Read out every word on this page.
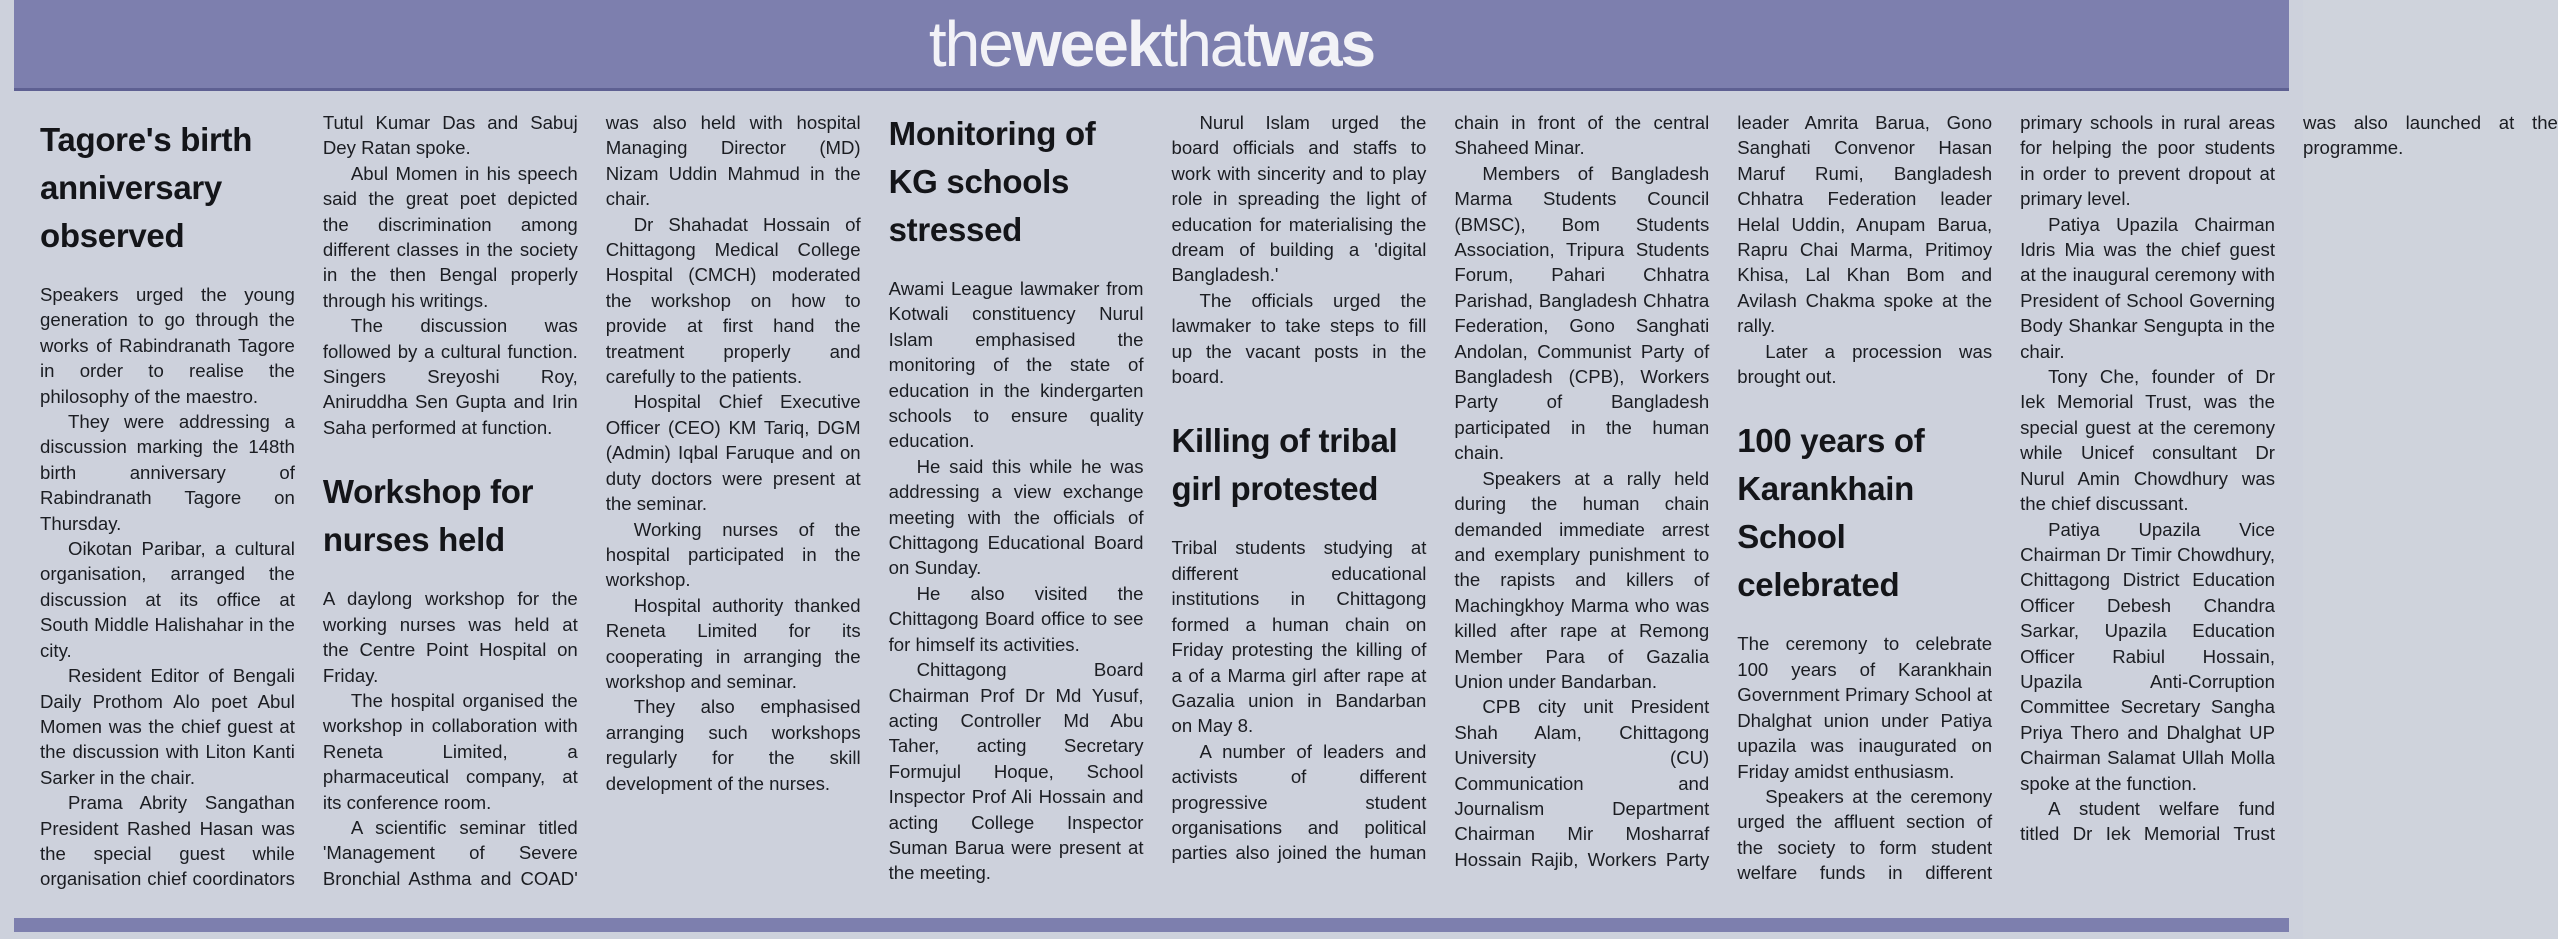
theweekthatwas
Tagore's birth anniversary observed

Speakers urged the young generation to go through the works of Rabindranath Tagore in order to realise the philosophy of the maestro.

They were addressing a discussion marking the 148th birth anniversary of Rabindranath Tagore on Thursday.

Oikotan Paribar, a cultural organisation, arranged the discussion at its office at South Middle Halishahar in the city.

Resident Editor of Bengali Daily Prothom Alo poet Abul Momen was the chief guest at the discussion with Liton Kanti Sarker in the chair.

Prama Abrity Sangathan President Rashed Hasan was the special guest while organisation chief coordinators Tutul Kumar Das and Sabuj Dey Ratan spoke.

Abul Momen in his speech said the great poet depicted the discrimination among different classes in the society in the then Bengal properly through his writings.

The discussion was followed by a cultural function. Singers Sreyoshi Roy, Aniruddha Sen Gupta and Irin Saha performed at function.

Workshop for nurses held

A daylong workshop for the working nurses was held at the Centre Point Hospital on Friday.

The hospital organised the workshop in collaboration with Reneta Limited, a pharmaceutical company, at its conference room.

A scientific seminar titled 'Management of Severe Bronchial Asthma and COAD' was also held with hospital Managing Director (MD) Nizam Uddin Mahmud in the chair.

Dr Shahadat Hossain of Chittagong Medical College Hospital (CMCH) moderated the workshop on how to provide at first hand the treatment properly and carefully to the patients.

Hospital Chief Executive Officer (CEO) KM Tariq, DGM (Admin) Iqbal Faruque and on duty doctors were present at the seminar.

Working nurses of the hospital participated in the workshop.

Hospital authority thanked Reneta Limited for its cooperating in arranging the workshop and seminar.

They also emphasised arranging such workshops regularly for the skill development of the nurses.

Monitoring of KG schools stressed

Awami League lawmaker from Kotwali constituency Nurul Islam emphasised the monitoring of the state of education in the kindergarten schools to ensure quality education.

He said this while he was addressing a view exchange meeting with the officials of Chittagong Educational Board on Sunday.

He also visited the Chittagong Board office to see for himself its activities.

Chittagong Board Chairman Prof Dr Md Yusuf, acting Controller Md Abu Taher, acting Secretary Formujul Hoque, School Inspector Prof Ali Hossain and acting College Inspector Suman Barua were present at the meeting.

Nurul Islam urged the board officials and staffs to work with sincerity and to play role in spreading the light of education for materialising the dream of building a 'digital Bangladesh.'

The officials urged the lawmaker to take steps to fill up the vacant posts in the board.

Killing of tribal girl protested

Tribal students studying at different educational institutions in Chittagong formed a human chain on Friday protesting the killing of a of a Marma girl after rape at Gazalia union in Bandarban on May 8.

A number of leaders and activists of different progressive student organisations and political parties also joined the human chain in front of the central Shaheed Minar.

Members of Bangladesh Marma Students Council (BMSC), Bom Students Association, Tripura Students Forum, Pahari Chhatra Parishad, Bangladesh Chhatra Federation, Gono Sanghati Andolan, Communist Party of Bangladesh (CPB), Workers Party of Bangladesh participated in the human chain.

Speakers at a rally held during the human chain demanded immediate arrest and exemplary punishment to the rapists and killers of Machingkhoy Marma who was killed after rape at Remong Member Para of Gazalia Union under Bandarban.

CPB city unit President Shah Alam, Chittagong University (CU) Communication and Journalism Department Chairman Mir Mosharraf Hossain Rajib, Workers Party leader Amrita Barua, Gono Sanghati Convenor Hasan Maruf Rumi, Bangladesh Chhatra Federation leader Helal Uddin, Anupam Barua, Rapru Chai Marma, Pritimoy Khisa, Lal Khan Bom and Avilash Chakma spoke at the rally.

Later a procession was brought out.

100 years of Karankhain School celebrated

The ceremony to celebrate 100 years of Karankhain Government Primary School at Dhalghat union under Patiya upazila was inaugurated on Friday amidst enthusiasm.

Speakers at the ceremony urged the affluent section of the society to form student welfare funds in different primary schools in rural areas for helping the poor students in order to prevent dropout at primary level.

Patiya Upazila Chairman Idris Mia was the chief guest at the inaugural ceremony with President of School Governing Body Shankar Sengupta in the chair.

Tony Che, founder of Dr Iek Memorial Trust, was the special guest at the ceremony while Unicef consultant Dr Nurul Amin Chowdhury was the chief discussant.

Patiya Upazila Vice Chairman Dr Timir Chowdhury, Chittagong District Education Officer Debesh Chandra Sarkar, Upazila Education Officer Rabiul Hossain, Upazila Anti-Corruption Committee Secretary Sangha Priya Thero and Dhalghat UP Chairman Salamat Ullah Molla spoke at the function.

A student welfare fund titled Dr Iek Memorial Trust was also launched at the programme.
